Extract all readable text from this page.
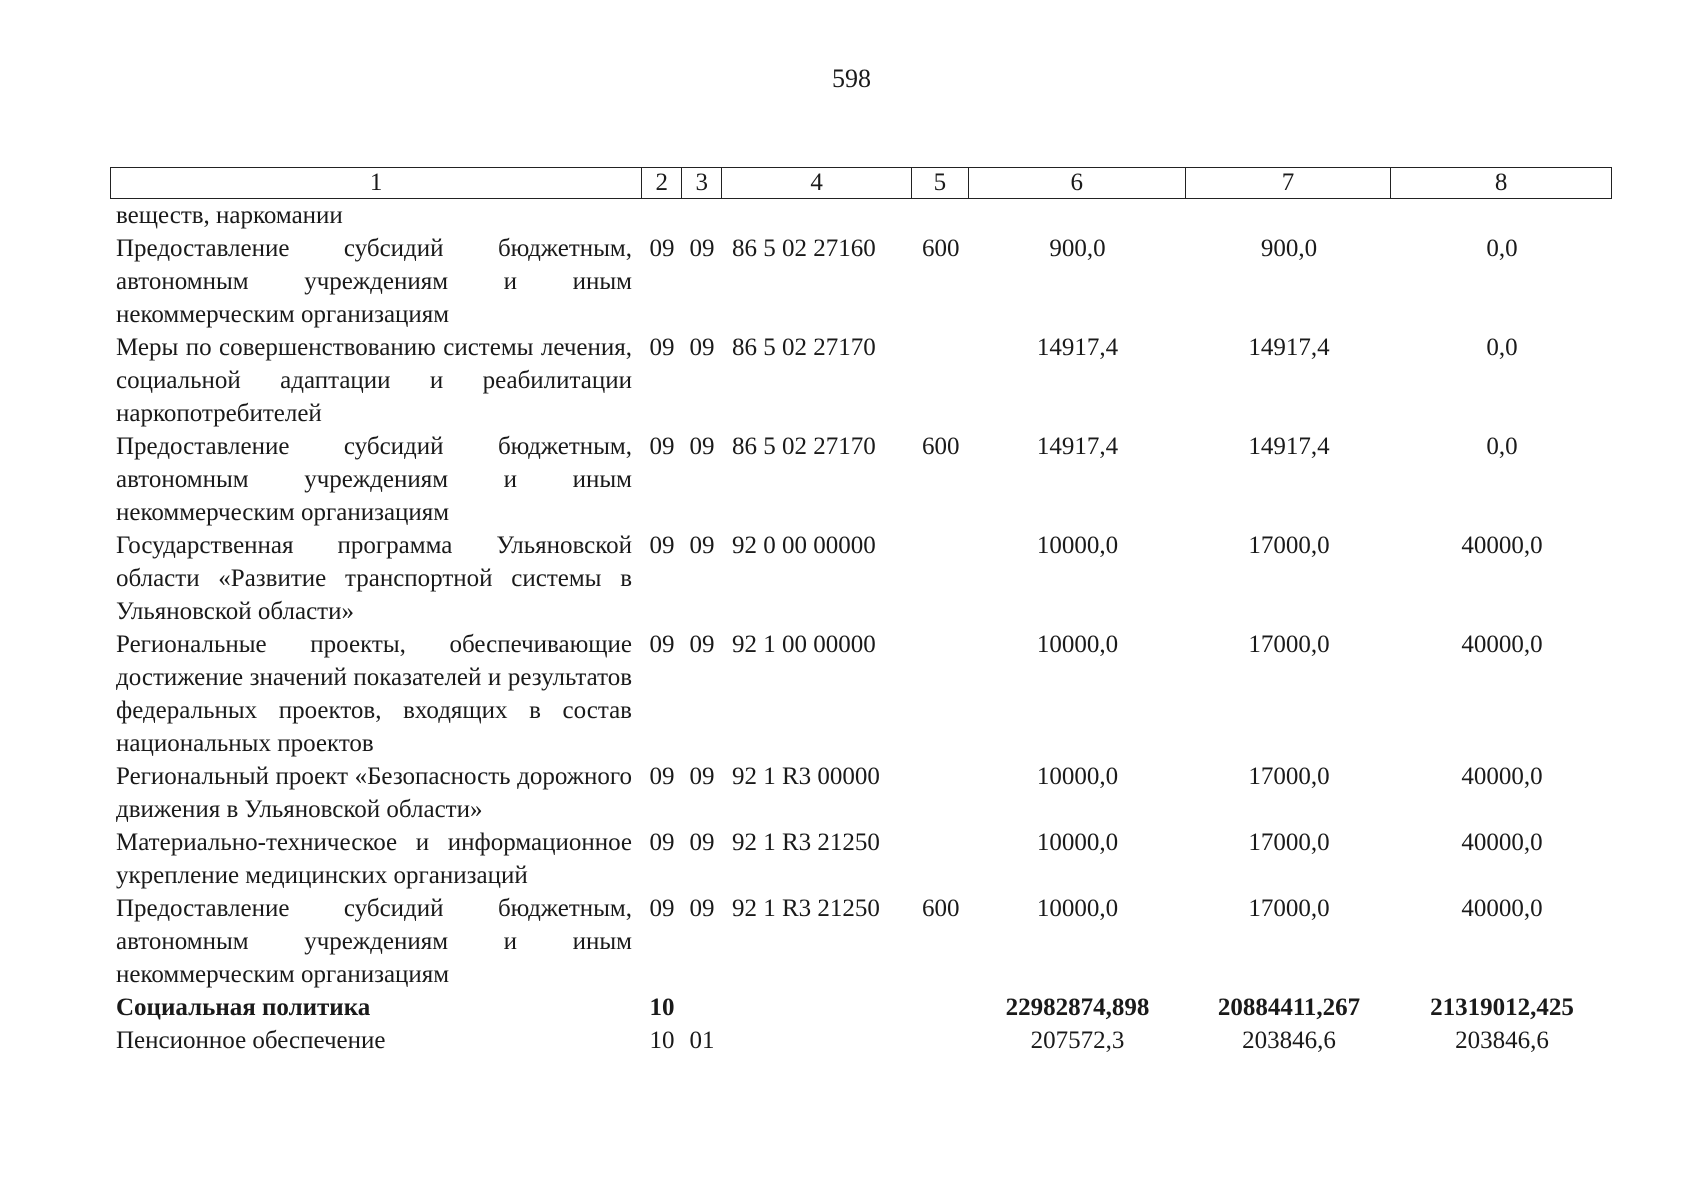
598
1	2	3	4	5	6	7	8
веществ, наркомании
Предоставление субсидий бюджетным, автономным учреждениям и иным некоммерческим организациям
09 09 86 5 02 27160	600	900,0	900,0	0,0
Меры по совершенствованию системы лечения, социальной адаптации и реабилитации наркопотребителей
09 09 86 5 02 27170	14917,4	14917,4	0,0
Предоставление субсидий бюджетным, автономным учреждениям и иным некоммерческим организациям
09 09 86 5 02 27170	600	14917,4	14917,4	0,0
Государственная программа Ульяновской области «Развитие транспортной системы в Ульяновской области»
09 09 92 0 00 00000	10000,0	17000,0	40000,0
Региональные проекты, обеспечивающие достижение значений показателей и результатов федеральных проектов, входящих в состав национальных проектов
09 09 92 1 00 00000	10000,0	17000,0	40000,0
Региональный проект «Безопасность дорожного движения в Ульяновской области»
09 09 92 1 R3 00000	10000,0	17000,0	40000,0
Материально-техническое и информационное укрепление медицинских организаций
09 09 92 1 R3 21250	10000,0	17000,0	40000,0
Предоставление субсидий бюджетным, автономным учреждениям и иным некоммерческим организациям
09 09 92 1 R3 21250	600	10000,0	17000,0	40000,0
Социальная политика	10	22982874,898	20884411,267	21319012,425
Пенсионное обеспечение	10 01	207572,3	203846,6	203846,6
